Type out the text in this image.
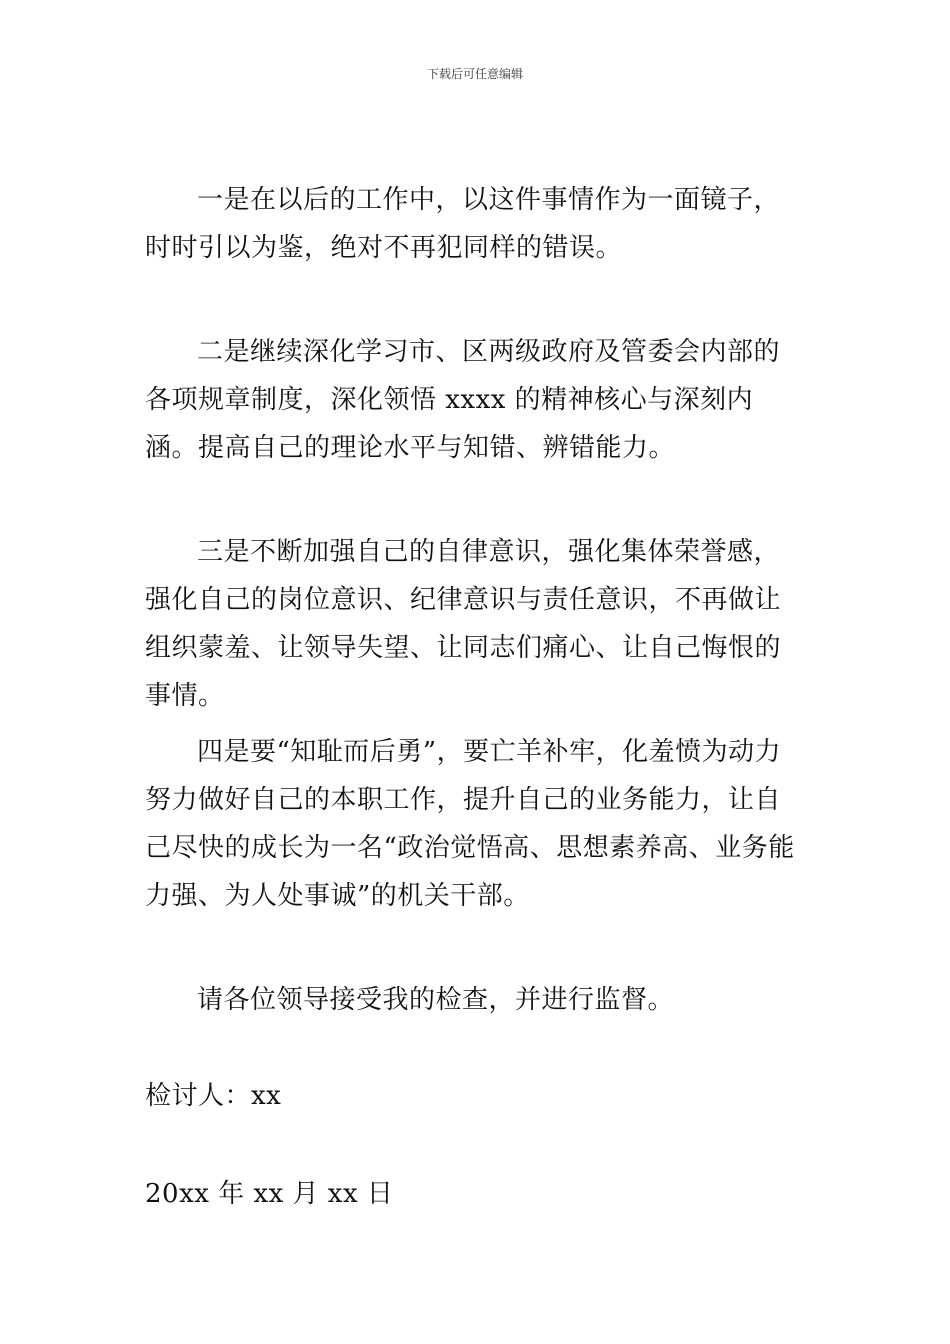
下载后可任意编辑

一是在以后的工作中，以这件事情作为一面镜子，时时引以为鉴，绝对不再犯同样的错误。

二是继续深化学习市、区两级政府及管委会内部的各项规章制度，深化领悟 xxxx 的精神核心与深刻内涵。提高自己的理论水平与知错、辨错能力。

三是不断加强自己的自律意识，强化集体荣誉感，强化自己的岗位意识、纪律意识与责任意识，不再做让组织蒙羞、让领导失望、让同志们痛心、让自己悔恨的事情。

四是要“知耻而后勇”，要亡羊补牢，化羞愤为动力努力做好自己的本职工作，提升自己的业务能力，让自己尽快的成长为一名“政治觉悟高、思想素养高、业务能力强、为人处事诚”的机关干部。

请各位领导接受我的检查，并进行监督。

检讨人：xx

20xx 年 xx 月 xx 日
